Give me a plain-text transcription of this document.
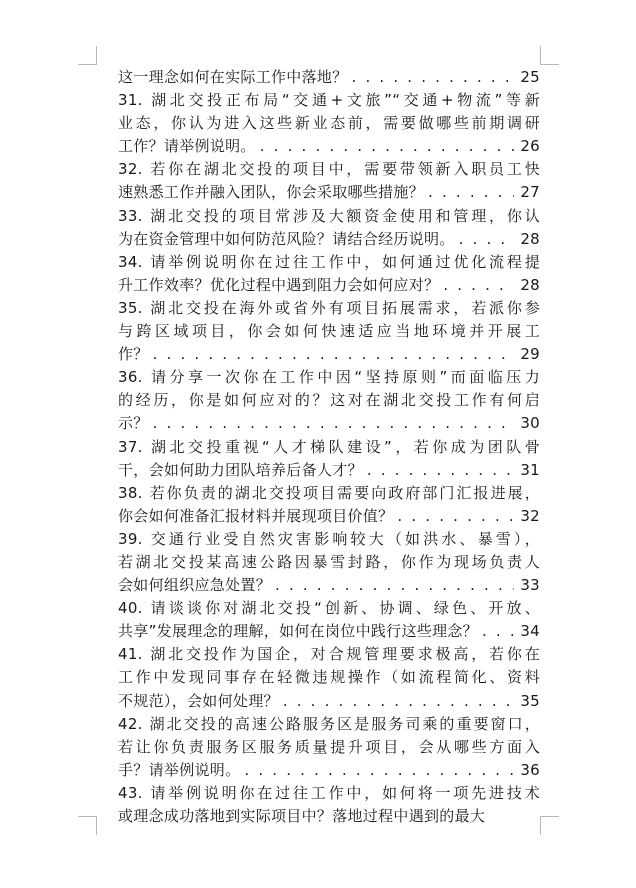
这一理念如何在实际工作中落地？ . . .	25
31. 湖北交投正布局“交通+文旅”“交通+物流”等新
业态，你认为进入这些新业态前，需要做哪些前期调研
工作？请举例说明。 . . .	26
32. 若你在湖北交投的项目中，需要带领新入职员工快
速熟悉工作并融入团队，你会采取哪些措施？ . . .	27
33. 湖北交投的项目常涉及大额资金使用和管理，你认
为在资金管理中如何防范风险？请结合经历说明。 . . .	28
34. 请举例说明你在过往工作中，如何通过优化流程提
升工作效率？优化过程中遇到阻力会如何应对？ . . .	28
35. 湖北交投在海外或省外有项目拓展需求，若派你参
与跨区域项目，你会如何快速适应当地环境并开展工
作？ . . .	29
36. 请分享一次你在工作中因“坚持原则”而面临压力
的经历，你是如何应对的？这对在湖北交投工作有何启
示？ . . .	30
37. 湖北交投重视“人才梯队建设”，若你成为团队骨
干，会如何助力团队培养后备人才？ . . .	31
38. 若你负责的湖北交投项目需要向政府部门汇报进展，
你会如何准备汇报材料并展现项目价值？ . . .	32
39. 交通行业受自然灾害影响较大（如洪水、暴雪），
若湖北交投某高速公路因暴雪封路，你作为现场负责人
会如何组织应急处置？ . . .	33
40. 请谈谈你对湖北交投“创新、协调、绿色、开放、
共享”发展理念的理解，如何在岗位中践行这些理念？ . . .	34
41. 湖北交投作为国企，对合规管理要求极高，若你在
工作中发现同事存在轻微违规操作（如流程简化、资料
不规范），会如何处理？ . . .	35
42. 湖北交投的高速公路服务区是服务司乘的重要窗口，
若让你负责服务区服务质量提升项目，会从哪些方面入
手？请举例说明。 . . .	36
43. 请举例说明你在过往工作中，如何将一项先进技术
或理念成功落地到实际项目中？落地过程中遇到的最大
